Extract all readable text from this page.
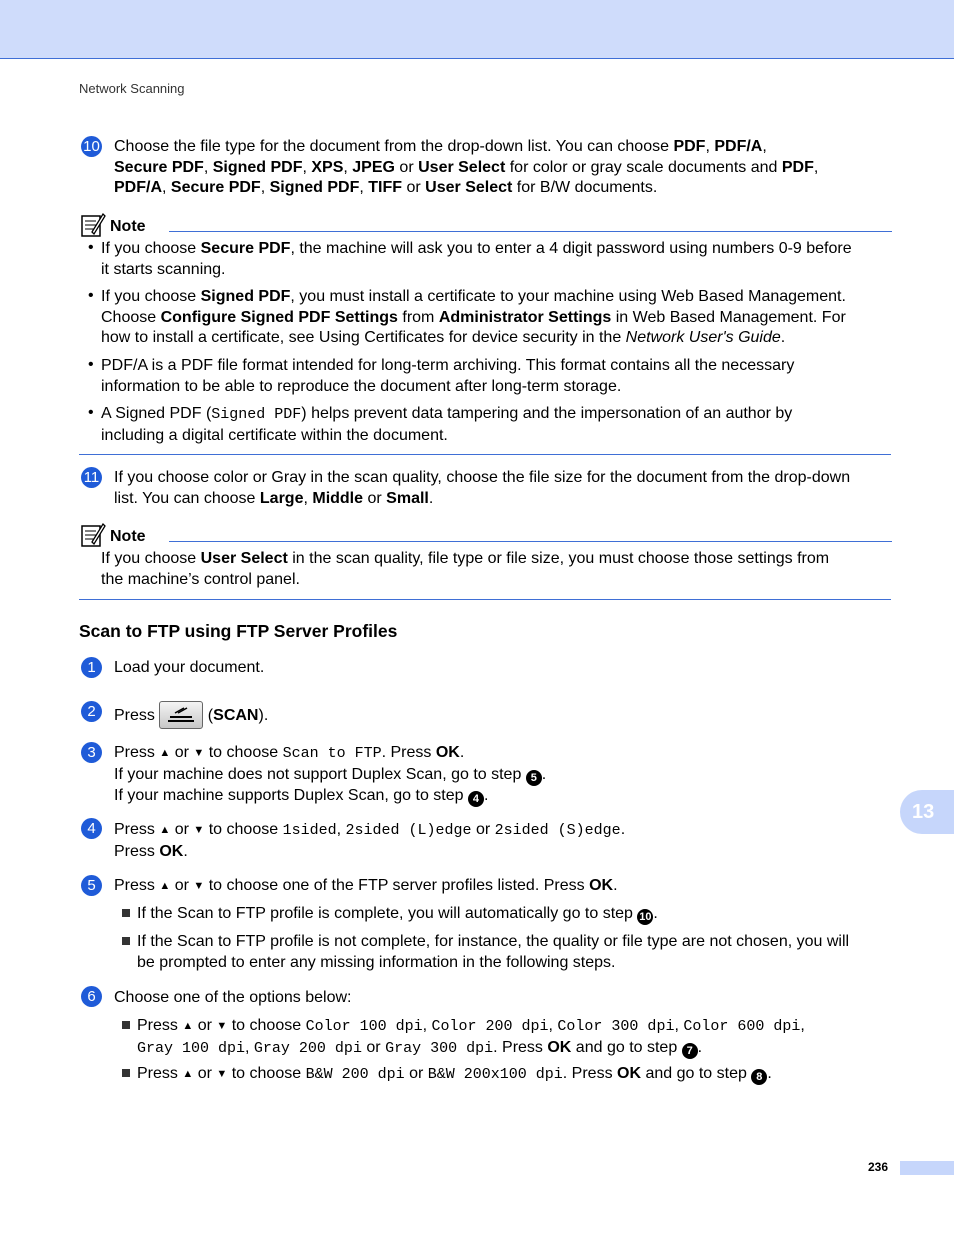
Network Scanning
10 Choose the file type for the document from the drop-down list. You can choose PDF, PDF/A,
Secure PDF, Signed PDF, XPS, JPEG or User Select for color or gray scale documents and PDF,
PDF/A, Secure PDF, Signed PDF, TIFF or User Select for B/W documents.
Note
• If you choose Secure PDF, the machine will ask you to enter a 4 digit password using numbers 0-9 before
it starts scanning.
• If you choose Signed PDF, you must install a certificate to your machine using Web Based Management.
Choose Configure Signed PDF Settings from Administrator Settings in Web Based Management. For
how to install a certificate, see Using Certificates for device security in the Network User's Guide.
• PDF/A is a PDF file format intended for long-term archiving. This format contains all the necessary
information to be able to reproduce the document after long-term storage.
• A Signed PDF (Signed PDF) helps prevent data tampering and the impersonation of an author by
including a digital certificate within the document.
11 If you choose color or Gray in the scan quality, choose the file size for the document from the drop-down
list. You can choose Large, Middle or Small.
Note
If you choose User Select in the scan quality, file type or file size, you must choose those settings from
the machine’s control panel.
Scan to FTP using FTP Server Profiles
1	Load your document.
2	Press	(SCAN).
3	Press ▲ or ▼ to choose Scan to FTP. Press OK.
If your machine does not support Duplex Scan, go to step 5 .
If your machine supports Duplex Scan, go to step 4 .
4	Press ▲ or ▼ to choose 1sided, 2sided (L)edge or 2sided (S)edge.
Press OK.
5	Press ▲ or ▼ to choose one of the FTP server profiles listed. Press OK.
If the Scan to FTP profile is complete, you will automatically go to step 10 .
If the Scan to FTP profile is not complete, for instance, the quality or file type are not chosen, you will
be prompted to enter any missing information in the following steps.
6	Choose one of the options below:
Press ▲ or ▼ to choose Color 100 dpi, Color 200 dpi, Color 300 dpi, Color 600 dpi,
Gray 100 dpi, Gray 200 dpi or Gray 300 dpi. Press OK and go to step 7 .
Press ▲ or ▼ to choose B&W 200 dpi or B&W 200x100 dpi. Press OK and go to step 8 .
13
236
